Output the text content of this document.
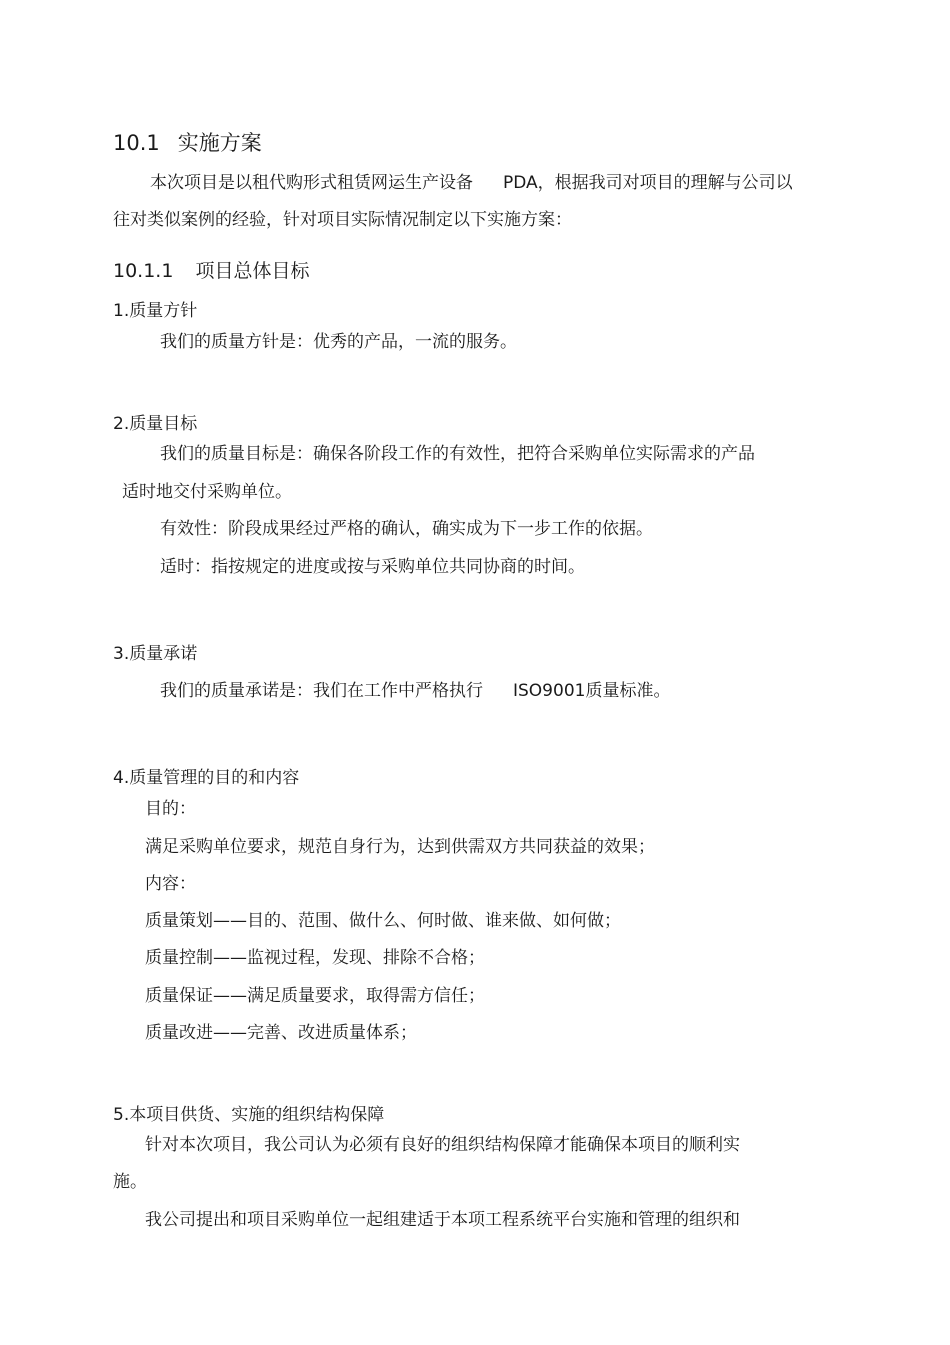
10.1 实施方案
本次项目是以租代购形式租赁网运生产设备 PDA，根据我司对项目的理解与公司以
往对类似案例的经验，针对项目实际情况制定以下实施方案：
10.1.1 项目总体目标
1.质量方针
我们的质量方针是：优秀的产品，一流的服务。
2.质量目标
我们的质量目标是：确保各阶段工作的有效性，把符合采购单位实际需求的产品
适时地交付采购单位。
有效性：阶段成果经过严格的确认，确实成为下一步工作的依据。
适时：指按规定的进度或按与采购单位共同协商的时间。
3.质量承诺
我们的质量承诺是：我们在工作中严格执行 ISO9001质量标准。
4.质量管理的目的和内容
目的：
满足采购单位要求，规范自身行为，达到供需双方共同获益的效果；
内容：
质量策划——目的、范围、做什么、何时做、谁来做、如何做；
质量控制——监视过程，发现、排除不合格；
质量保证——满足质量要求，取得需方信任；
质量改进——完善、改进质量体系；
5.本项目供货、实施的组织结构保障
针对本次项目，我公司认为必须有良好的组织结构保障才能确保本项目的顺利实
施。
我公司提出和项目采购单位一起组建适于本项工程系统平台实施和管理的组织和
